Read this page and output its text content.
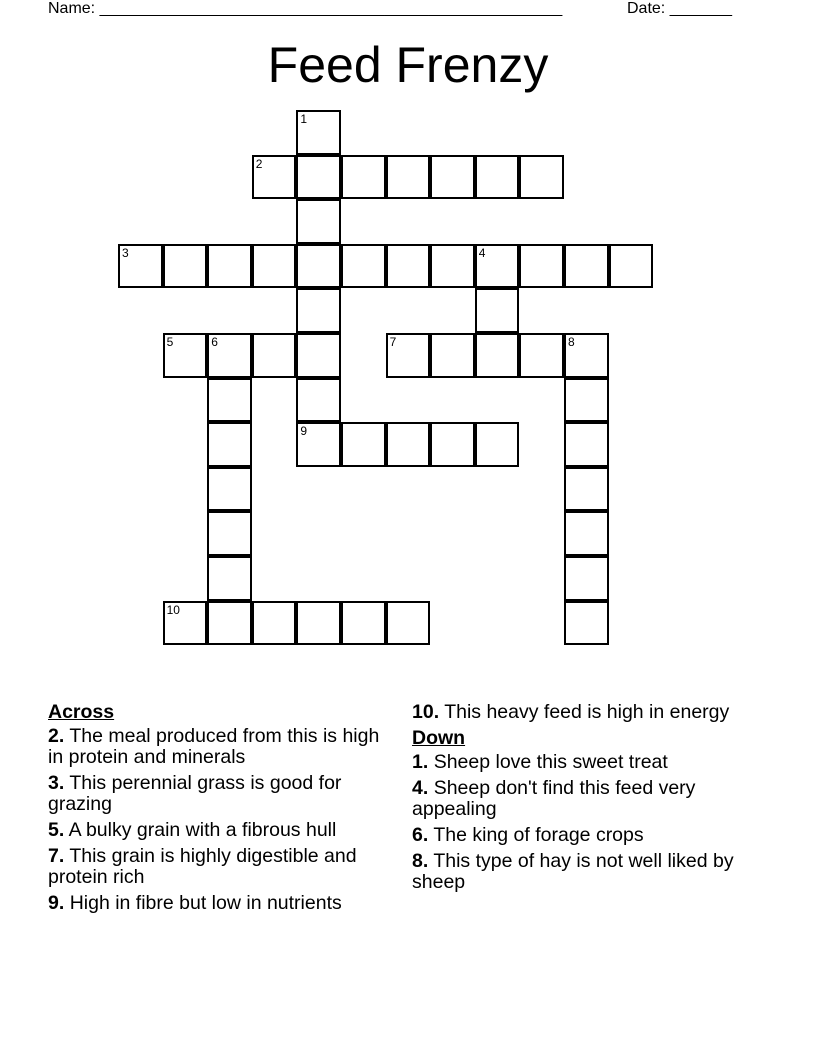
Name: ____________________________________________________	Date: _______
Feed Frenzy
1
2
3	4
5	6	7	8
9
10
Across
2. The meal produced from this is high in protein and minerals
3. This perennial grass is good for grazing
5. A bulky grain with a fibrous hull
7. This grain is highly digestible and protein rich
9. High in fibre but low in nutrients
10. This heavy feed is high in energy
Down
1. Sheep love this sweet treat
4. Sheep don't find this feed very appealing
6. The king of forage crops
8. This type of hay is not well liked by sheep
